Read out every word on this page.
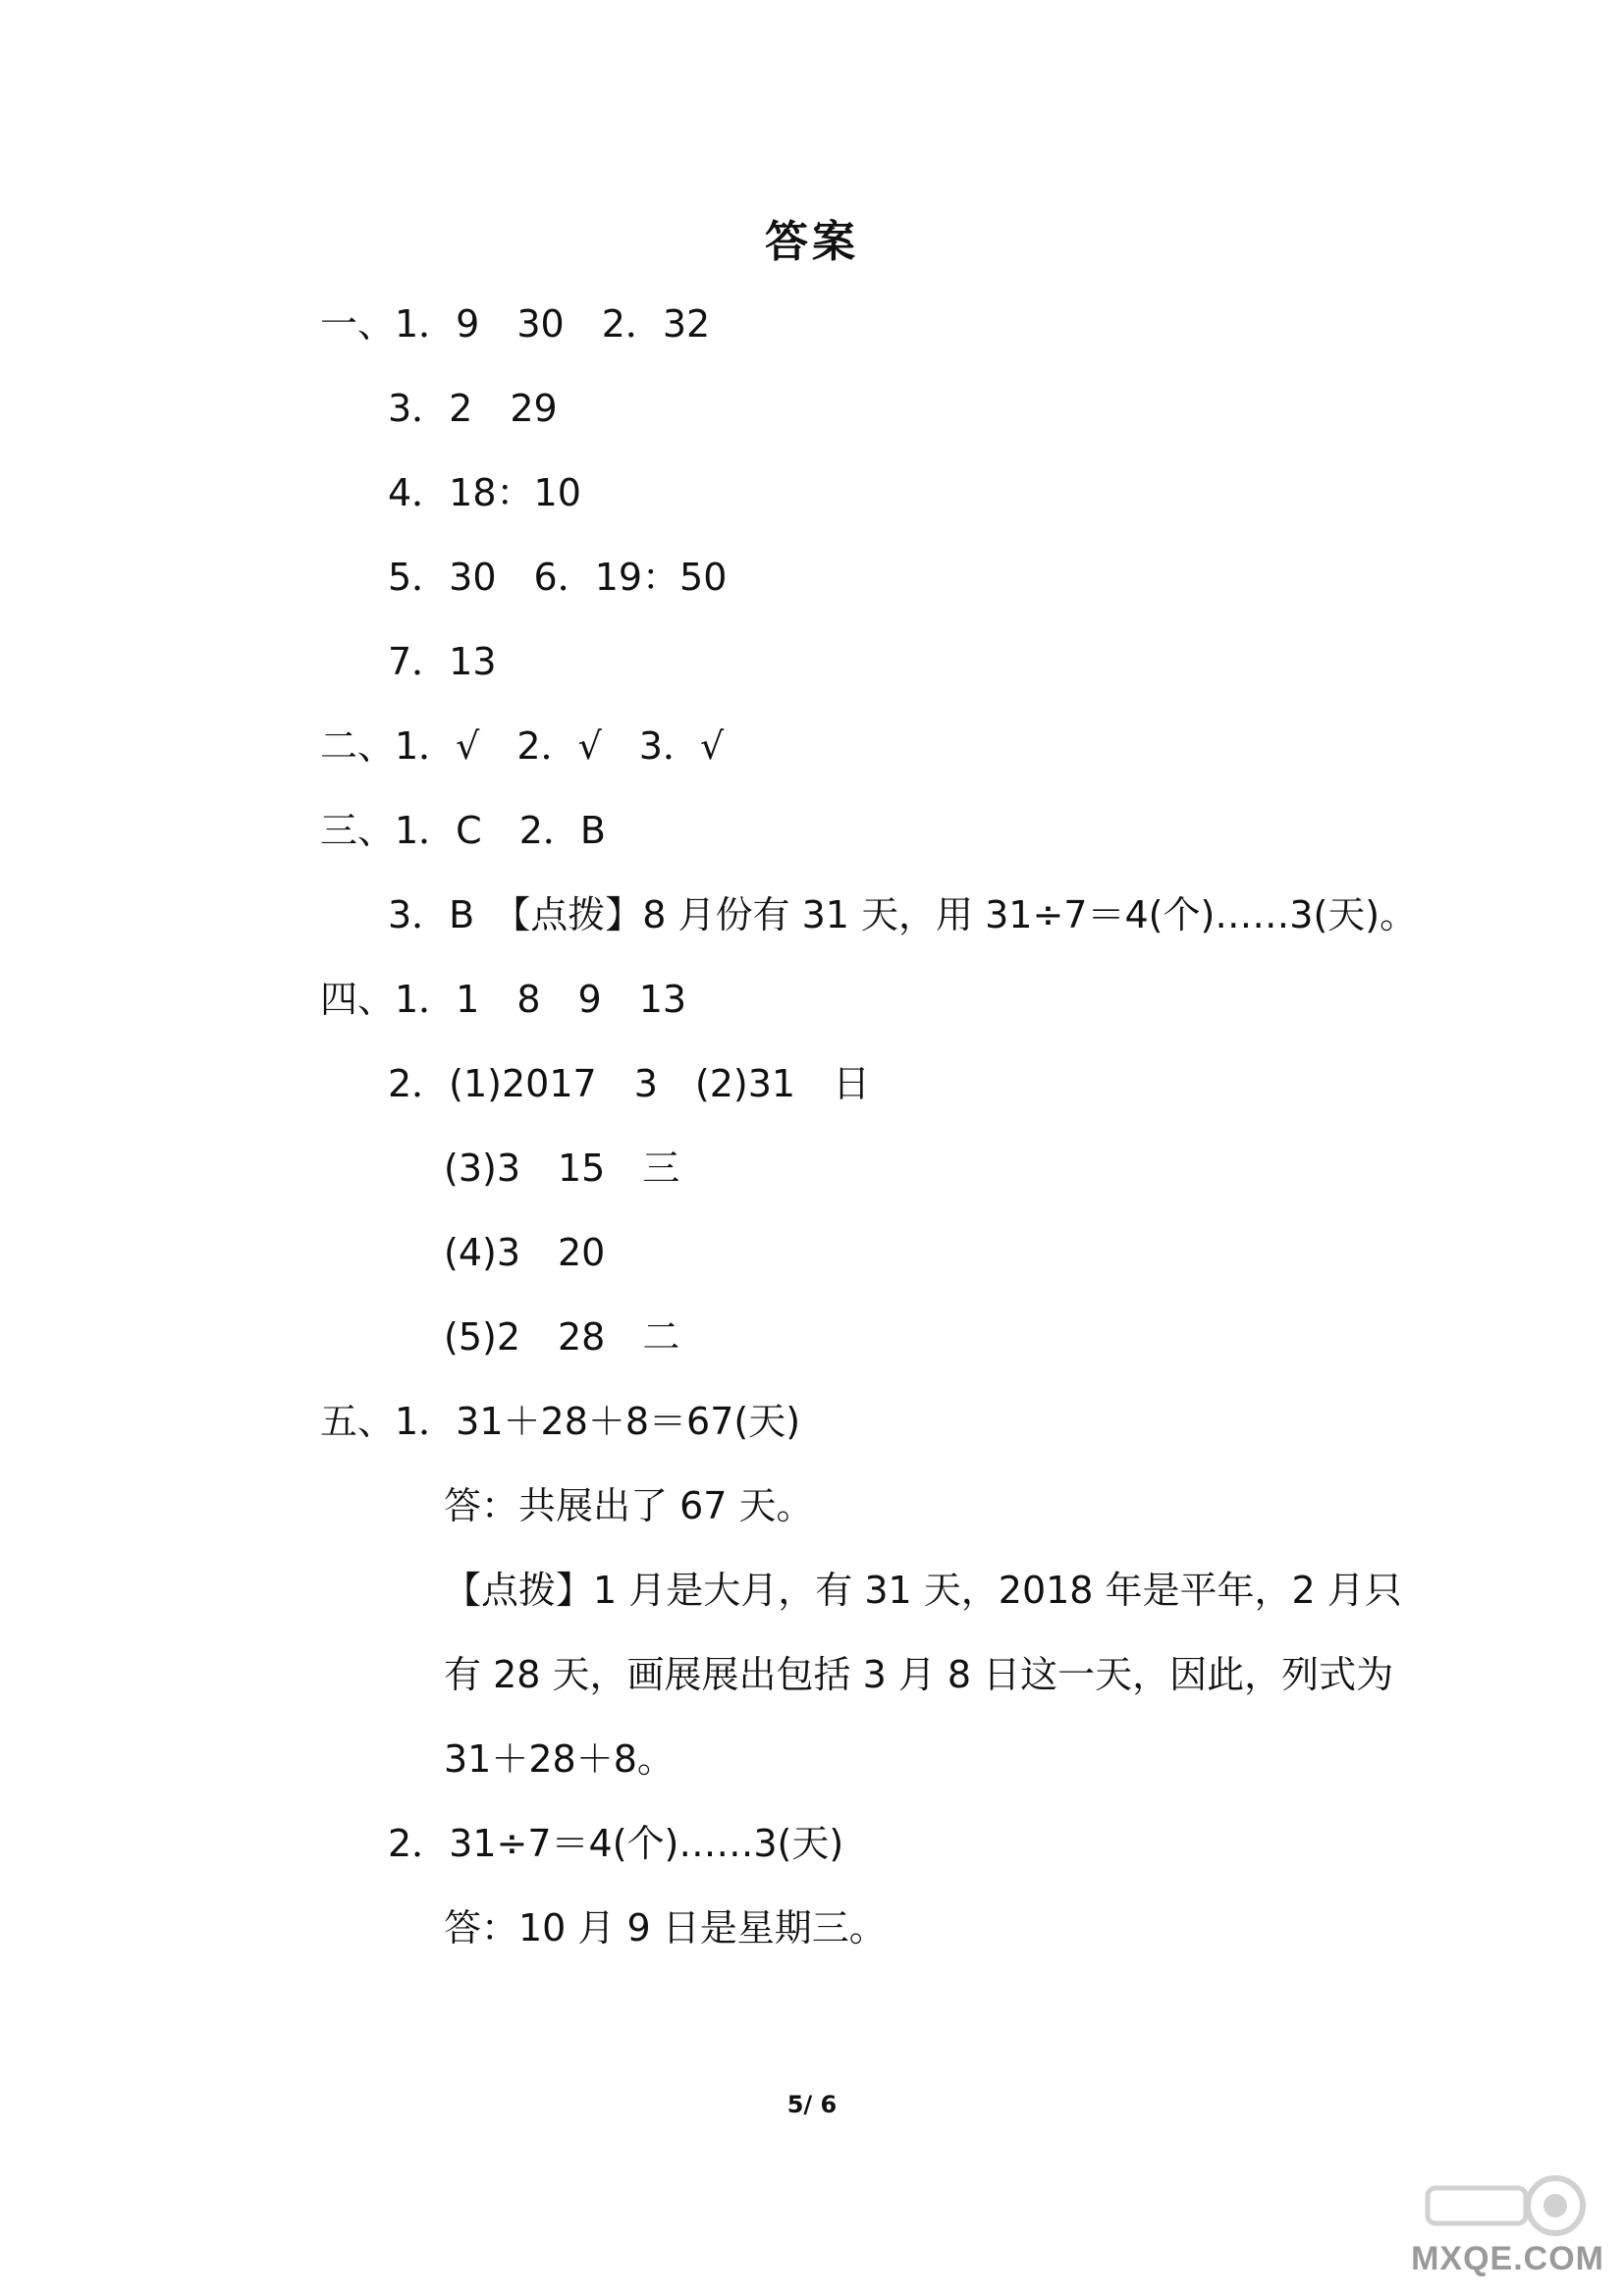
答案
一、1．9　30　2．32
3．2　29
4．18：10
5．30　6．19：50
7．13
二、1．√　2．√　3．√
三、1．C　2．B
3．B　【点拨】8 月份有 31 天，用 31÷7＝4(个)……3(天)。
四、1．1　8　9　13
2．(1)2017　3　(2)31　日
(3)3　15　三
(4)3　20
(5)2　28　二
五、1．31＋28＋8＝67(天)
答：共展出了 67 天。
【点拨】1 月是大月，有 31 天，2018 年是平年，2 月只
有 28 天，画展展出包括 3 月 8 日这一天，因此，列式为
31＋28＋8。
2．31÷7＝4(个)……3(天)
答：10 月 9 日是星期三。
5/ 6
MXQE.COM
